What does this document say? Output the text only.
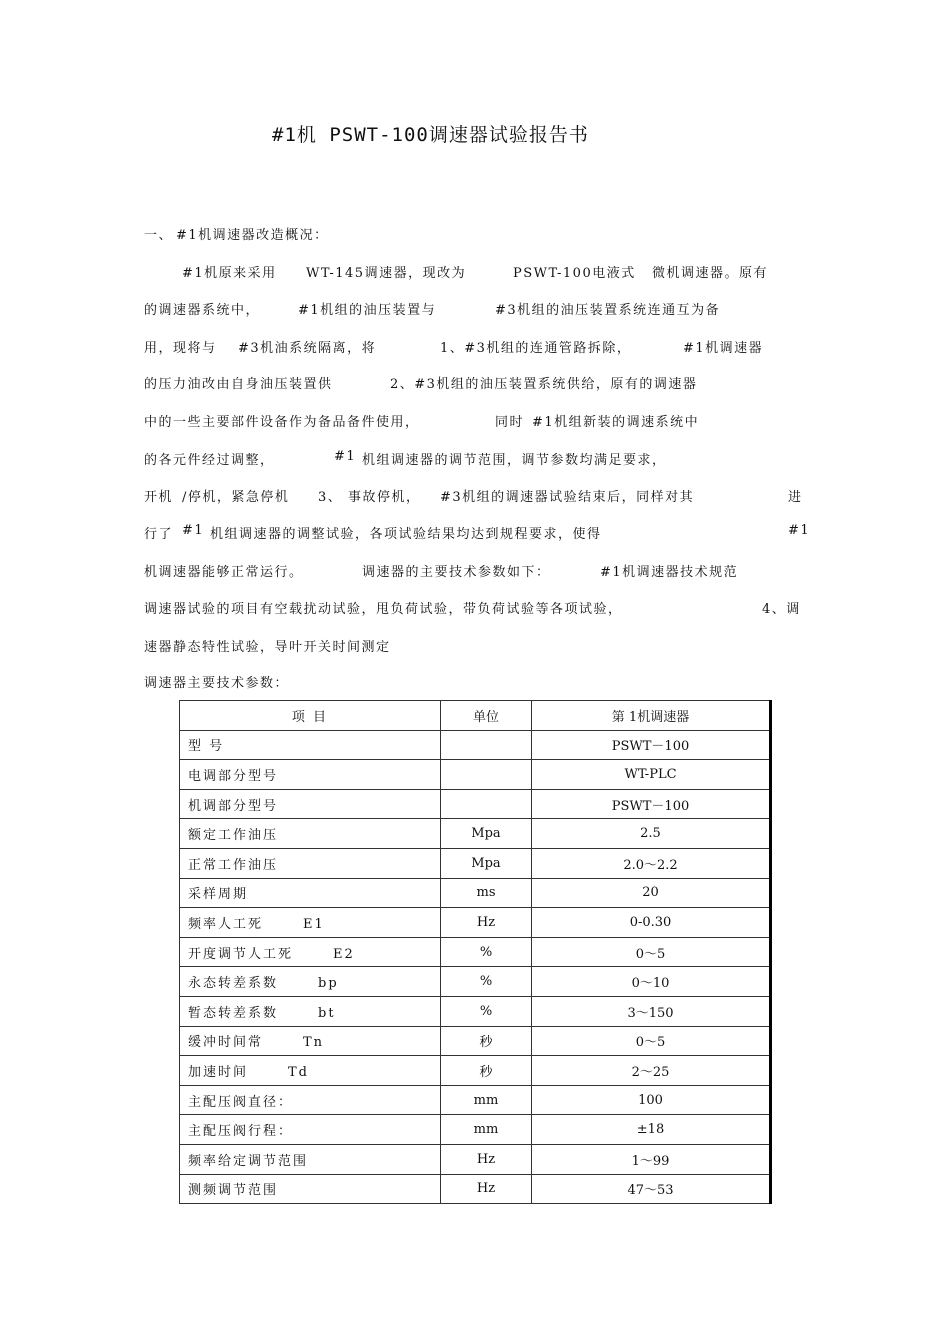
#1机 PSWT-100调速器试验报告书
一、 #1机调速器改造概况：
#1机原来采用 WT-145调速器，现改为	PSWT-100电液式 微机调速器。原有
的调速器系统中，	#1机组的油压装置与	#3机组的油压装置系统连通互为备
用，现将与 #3机油系统隔离，将	1、#3机组的连通管路拆除，	#1机调速器
的压力油改由自身油压装置供	2、#3机组的油压装置系统供给，原有的调速器
中的一些主要部件设备作为备品备件使用，	同时 #1机组新装的调速系统中
的各元件经过调整，	#1 机组调速器的调节范围，调节参数均满足要求，
开机 /停机，紧急停机 3、 事故停机， #3机组的调速器试验结束后，同样对其	进
行了 #1 机组调速器的调整试验，各项试验结果均达到规程要求，使得	#1
机调速器能够正常运行。	调速器的主要技术参数如下：	#1机调速器技术规范
调速器试验的项目有空载扰动试验，甩负荷试验，带负荷试验等各项试验，	4、调
速器静态特性试验，导叶开关时间测定
调速器主要技术参数：
项 目	单位	第 1机调速器
型 号		PSWT－100
电调部分型号		WT-PLC
机调部分型号		PSWT－100
额定工作油压	Mpa	2.5
正常工作油压	Mpa	2.0～2.2
采样周期	ms	20
频率人工死 E1	Hz	0-0.30
开度调节人工死 E2	%	0～5
永态转差系数 bp	%	0～10
暂态转差系数 bt	%	3～150
缓冲时间常 Tn	秒	0～5
加速时间 Td	秒	2～25
主配压阀直径：	mm	100
主配压阀行程：	mm	±18
频率给定调节范围	Hz	1～99
测频调节范围	Hz	47～53
